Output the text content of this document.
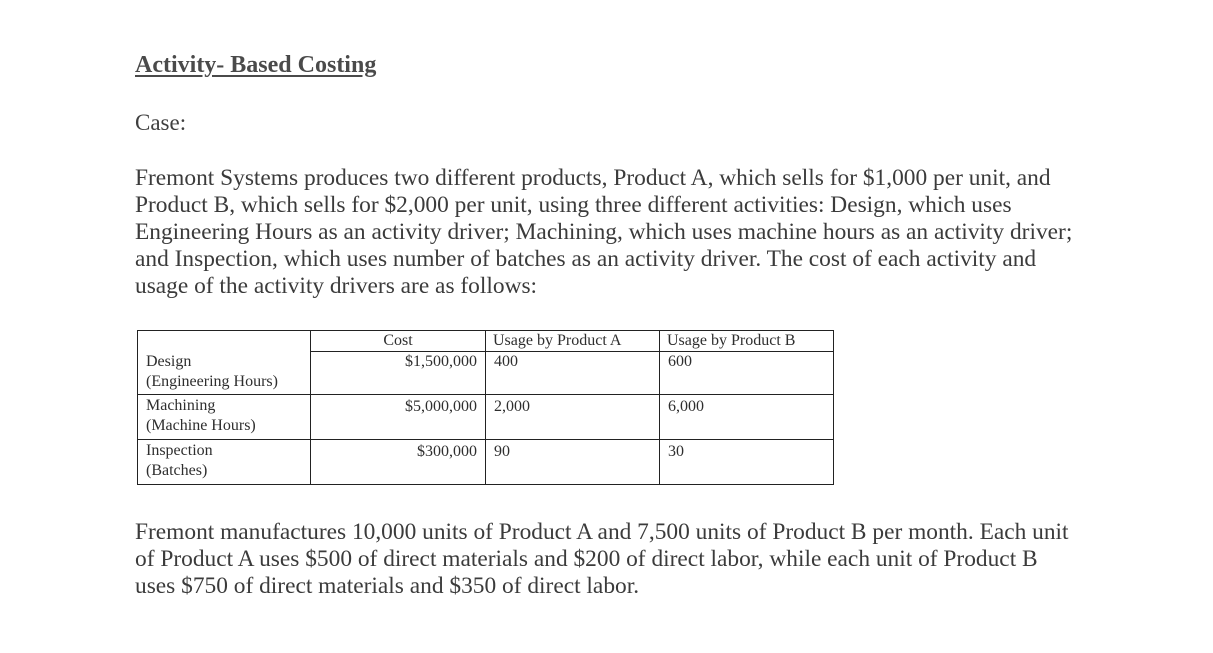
Activity- Based Costing

Case:

Fremont Systems produces two different products, Product A, which sells for $1,000 per unit, and Product B, which sells for $2,000 per unit, using three different activities: Design, which uses Engineering Hours as an activity driver; Machining, which uses machine hours as an activity driver; and Inspection, which uses number of batches as an activity driver. The cost of each activity and usage of the activity drivers are as follows:

	Cost	Usage by Product A	Usage by Product B

Design
(Engineering Hours)	$1,500,000	400	600

Machining
(Machine Hours)	$5,000,000	2,000	6,000

Inspection
(Batches)	$300,000	90	30

Fremont manufactures 10,000 units of Product A and 7,500 units of Product B per month. Each unit of Product A uses $500 of direct materials and $200 of direct labor, while each unit of Product B uses $750 of direct materials and $350 of direct labor.
